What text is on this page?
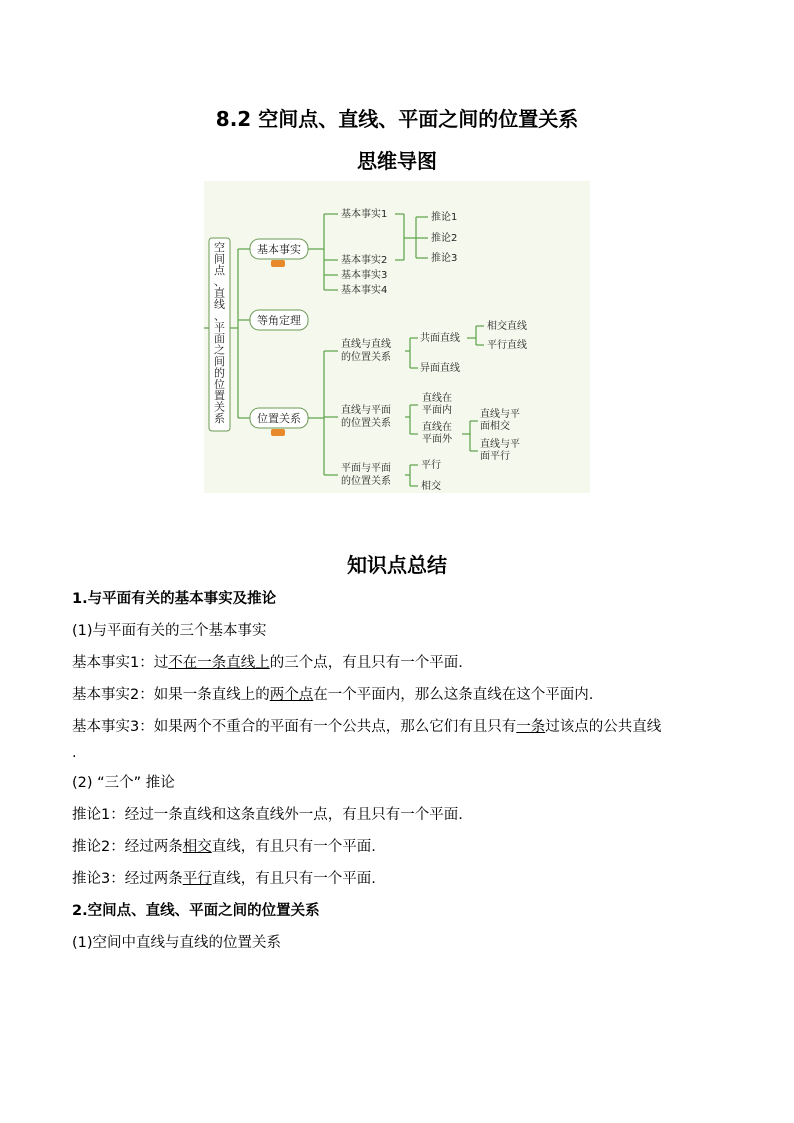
8.2 空间点、直线、平面之间的位置关系
思维导图
空间点、直线、平面之间的位置关系
基本事实
等角定理
位置关系
基本事实1
基本事实2
基本事实3
基本事实4
推论1
推论2
推论3
直线与直线的位置关系
共面直线
相交直线
平行直线
异面直线
直线与平面的位置关系
直线在平面内
直线在平面外
直线与平面相交
直线与平面平行
平面与平面的位置关系
平行
相交
知识点总结
1.与平面有关的基本事实及推论
(1)与平面有关的三个基本事实
基本事实1：过不在一条直线上的三个点，有且只有一个平面.
基本事实2：如果一条直线上的两个点在一个平面内，那么这条直线在这个平面内.
基本事实3：如果两个不重合的平面有一个公共点，那么它们有且只有一条过该点的公共直线
.
(2) “三个” 推论
推论1：经过一条直线和这条直线外一点，有且只有一个平面.
推论2：经过两条相交直线，有且只有一个平面.
推论3：经过两条平行直线，有且只有一个平面.
2.空间点、直线、平面之间的位置关系
(1)空间中直线与直线的位置关系
